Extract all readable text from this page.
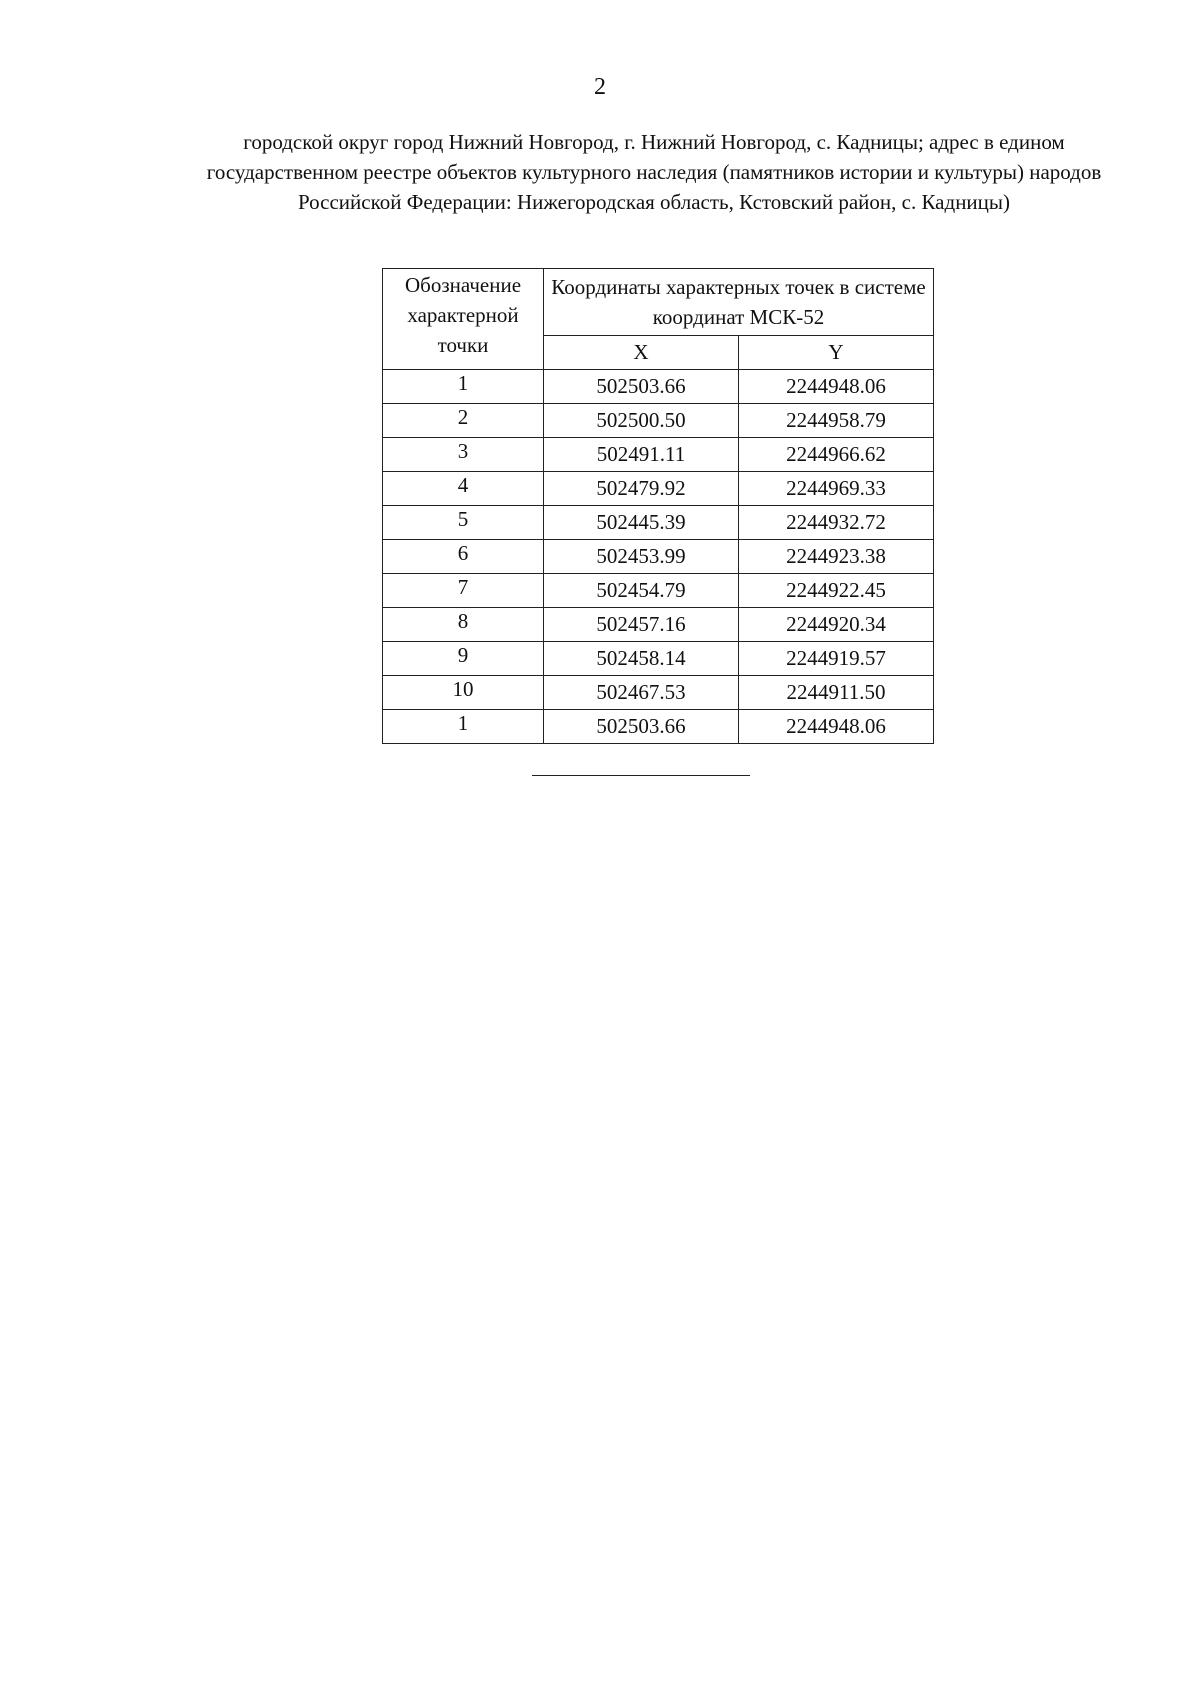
2

городской округ город Нижний Новгород, г. Нижний Новгород, с. Кадницы; адрес в едином государственном реестре объектов культурного наследия (памятников истории и культуры) народов Российской Федерации: Нижегородская область, Кстовский район, с. Кадницы)

Обозначение характерной точки	Координаты характерных точек в системе координат МСК-52	
	X	Y
1	502503.66	2244948.06
2	502500.50	2244958.79
3	502491.11	2244966.62
4	502479.92	2244969.33
5	502445.39	2244932.72
6	502453.99	2244923.38
7	502454.79	2244922.45
8	502457.16	2244920.34
9	502458.14	2244919.57
10	502467.53	2244911.50
1	502503.66	2244948.06
